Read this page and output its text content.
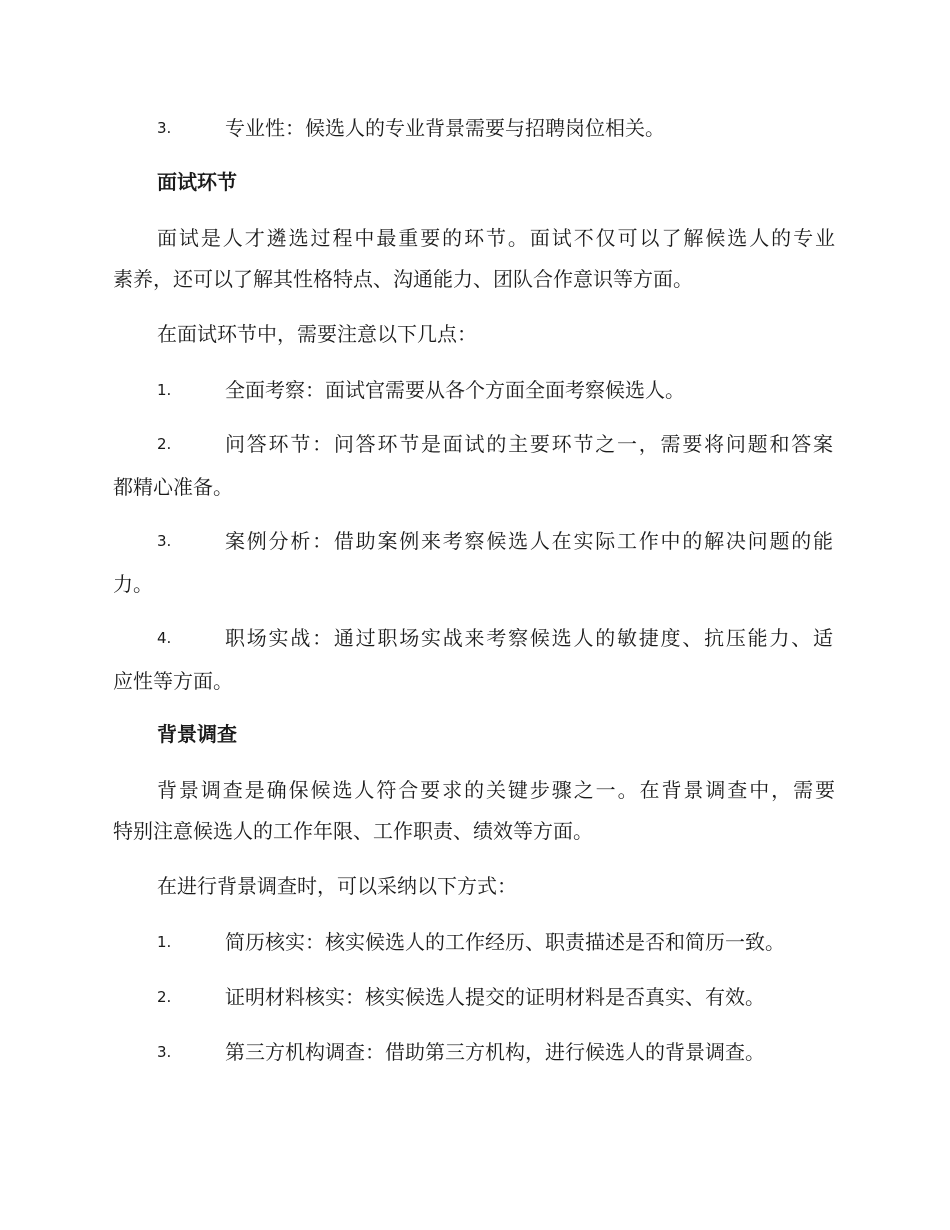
3.	专业性：候选人的专业背景需要与招聘岗位相关。
面试环节
面试是人才遴选过程中最重要的环节。面试不仅可以了解候选人的专业
素养，还可以了解其性格特点、沟通能力、团队合作意识等方面。
在面试环节中，需要注意以下几点：
1.	全面考察：面试官需要从各个方面全面考察候选人。
2.	问答环节：问答环节是面试的主要环节之一，需要将问题和答案
都精心准备。
3.	案例分析：借助案例来考察候选人在实际工作中的解决问题的能
力。
4.	职场实战：通过职场实战来考察候选人的敏捷度、抗压能力、适
应性等方面。
背景调查
背景调查是确保候选人符合要求的关键步骤之一。在背景调查中，需要
特别注意候选人的工作年限、工作职责、绩效等方面。
在进行背景调查时，可以采纳以下方式：
1.	简历核实：核实候选人的工作经历、职责描述是否和简历一致。
2.	证明材料核实：核实候选人提交的证明材料是否真实、有效。
3.	第三方机构调查：借助第三方机构，进行候选人的背景调查。
